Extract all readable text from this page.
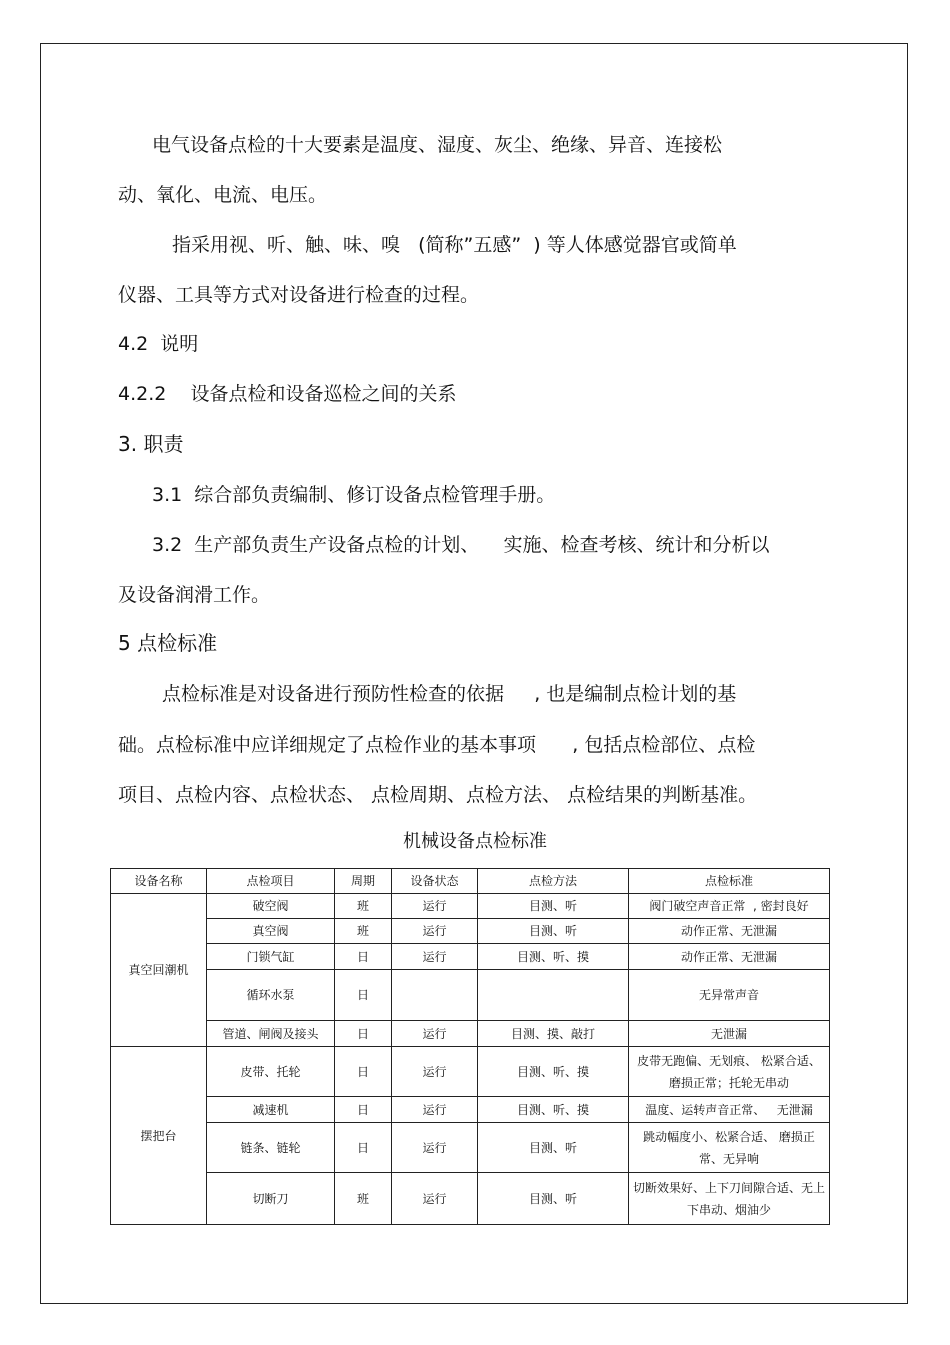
电气设备点检的十大要素是温度、湿度、灰尘、绝缘、异音、连接松
动、氧化、电流、电压。
指采用视、听、触、味、嗅   (简称”五感”  ) 等人体感觉器官或简单
仪器、工具等方式对设备进行检查的过程。
4.2  说明
4.2.2    设备点检和设备巡检之间的关系
3. 职责
3.1  综合部负责编制、修订设备点检管理手册。
3.2  生产部负责生产设备点检的计划、    实施、检查考核、统计和分析以
及设备润滑工作。
5 点检标准
点检标准是对设备进行预防性检查的依据     , 也是编制点检计划的基
础。点检标准中应详细规定了点检作业的基本事项      , 包括点检部位、点检
项目、点检内容、点检状态、 点检周期、点检方法、 点检结果的判断基准。
机械设备点检标准
设备名称	点检项目	周期	设备状态	点检方法	点检标准
真空回潮机	破空阀	班	运行	目测、听	阀门破空声音正常  , 密封良好
	真空阀	班	运行	目测、听	动作正常、无泄漏
	门锁气缸	日	运行	目测、听、摸	动作正常、无泄漏
	循环水泵	日			无异常声音
	管道、闸阀及接头	日	运行	目测、摸、敲打	无泄漏
摆把台	皮带、托轮	日	运行	目测、听、摸	皮带无跑偏、无划痕、 松紧合适、磨损正常；托轮无串动
	减速机	日	运行	目测、听、摸	温度、运转声音正常、   无泄漏
	链条、链轮	日	运行	目测、听	跳动幅度小、松紧合适、 磨损正常、无异响
	切断刀	班	运行	目测、听	切断效果好、上下刀间隙合适、无上下串动、烟油少
